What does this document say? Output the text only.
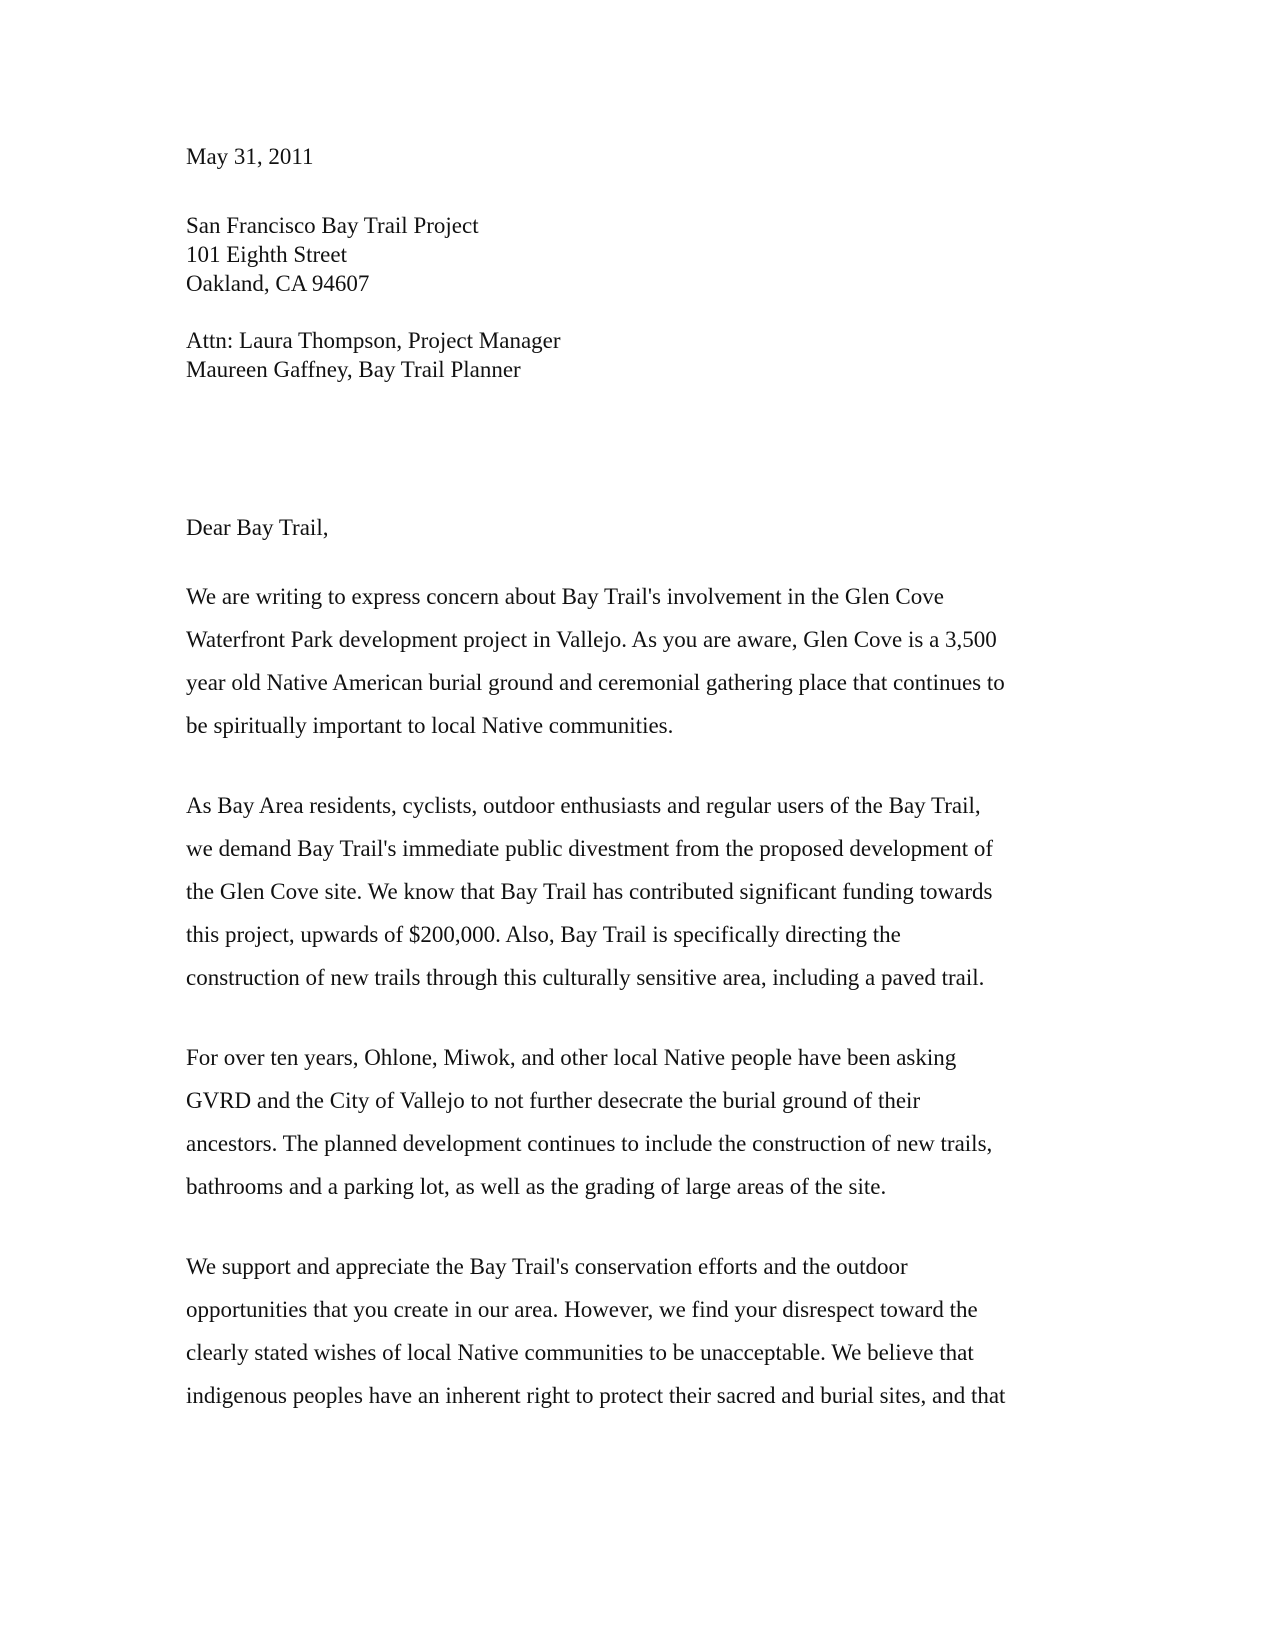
May 31, 2011
San Francisco Bay Trail Project
101 Eighth Street
Oakland, CA 94607
Attn: Laura Thompson, Project Manager
Maureen Gaffney, Bay Trail Planner
Dear Bay Trail,
We are writing to express concern about Bay Trail's involvement in the Glen Cove
Waterfront Park development project in Vallejo. As you are aware, Glen Cove is a 3,500
year old Native American burial ground and ceremonial gathering place that continues to
be spiritually important to local Native communities.
As Bay Area residents, cyclists, outdoor enthusiasts and regular users of the Bay Trail,
we demand Bay Trail's immediate public divestment from the proposed development of
the Glen Cove site. We know that Bay Trail has contributed significant funding towards
this project, upwards of $200,000. Also, Bay Trail is specifically directing the
construction of new trails through this culturally sensitive area, including a paved trail.
For over ten years, Ohlone, Miwok, and other local Native people have been asking
GVRD and the City of Vallejo to not further desecrate the burial ground of their
ancestors. The planned development continues to include the construction of new trails,
bathrooms and a parking lot, as well as the grading of large areas of the site.
We support and appreciate the Bay Trail's conservation efforts and the outdoor
opportunities that you create in our area. However, we find your disrespect toward the
clearly stated wishes of local Native communities to be unacceptable. We believe that
indigenous peoples have an inherent right to protect their sacred and burial sites, and that
